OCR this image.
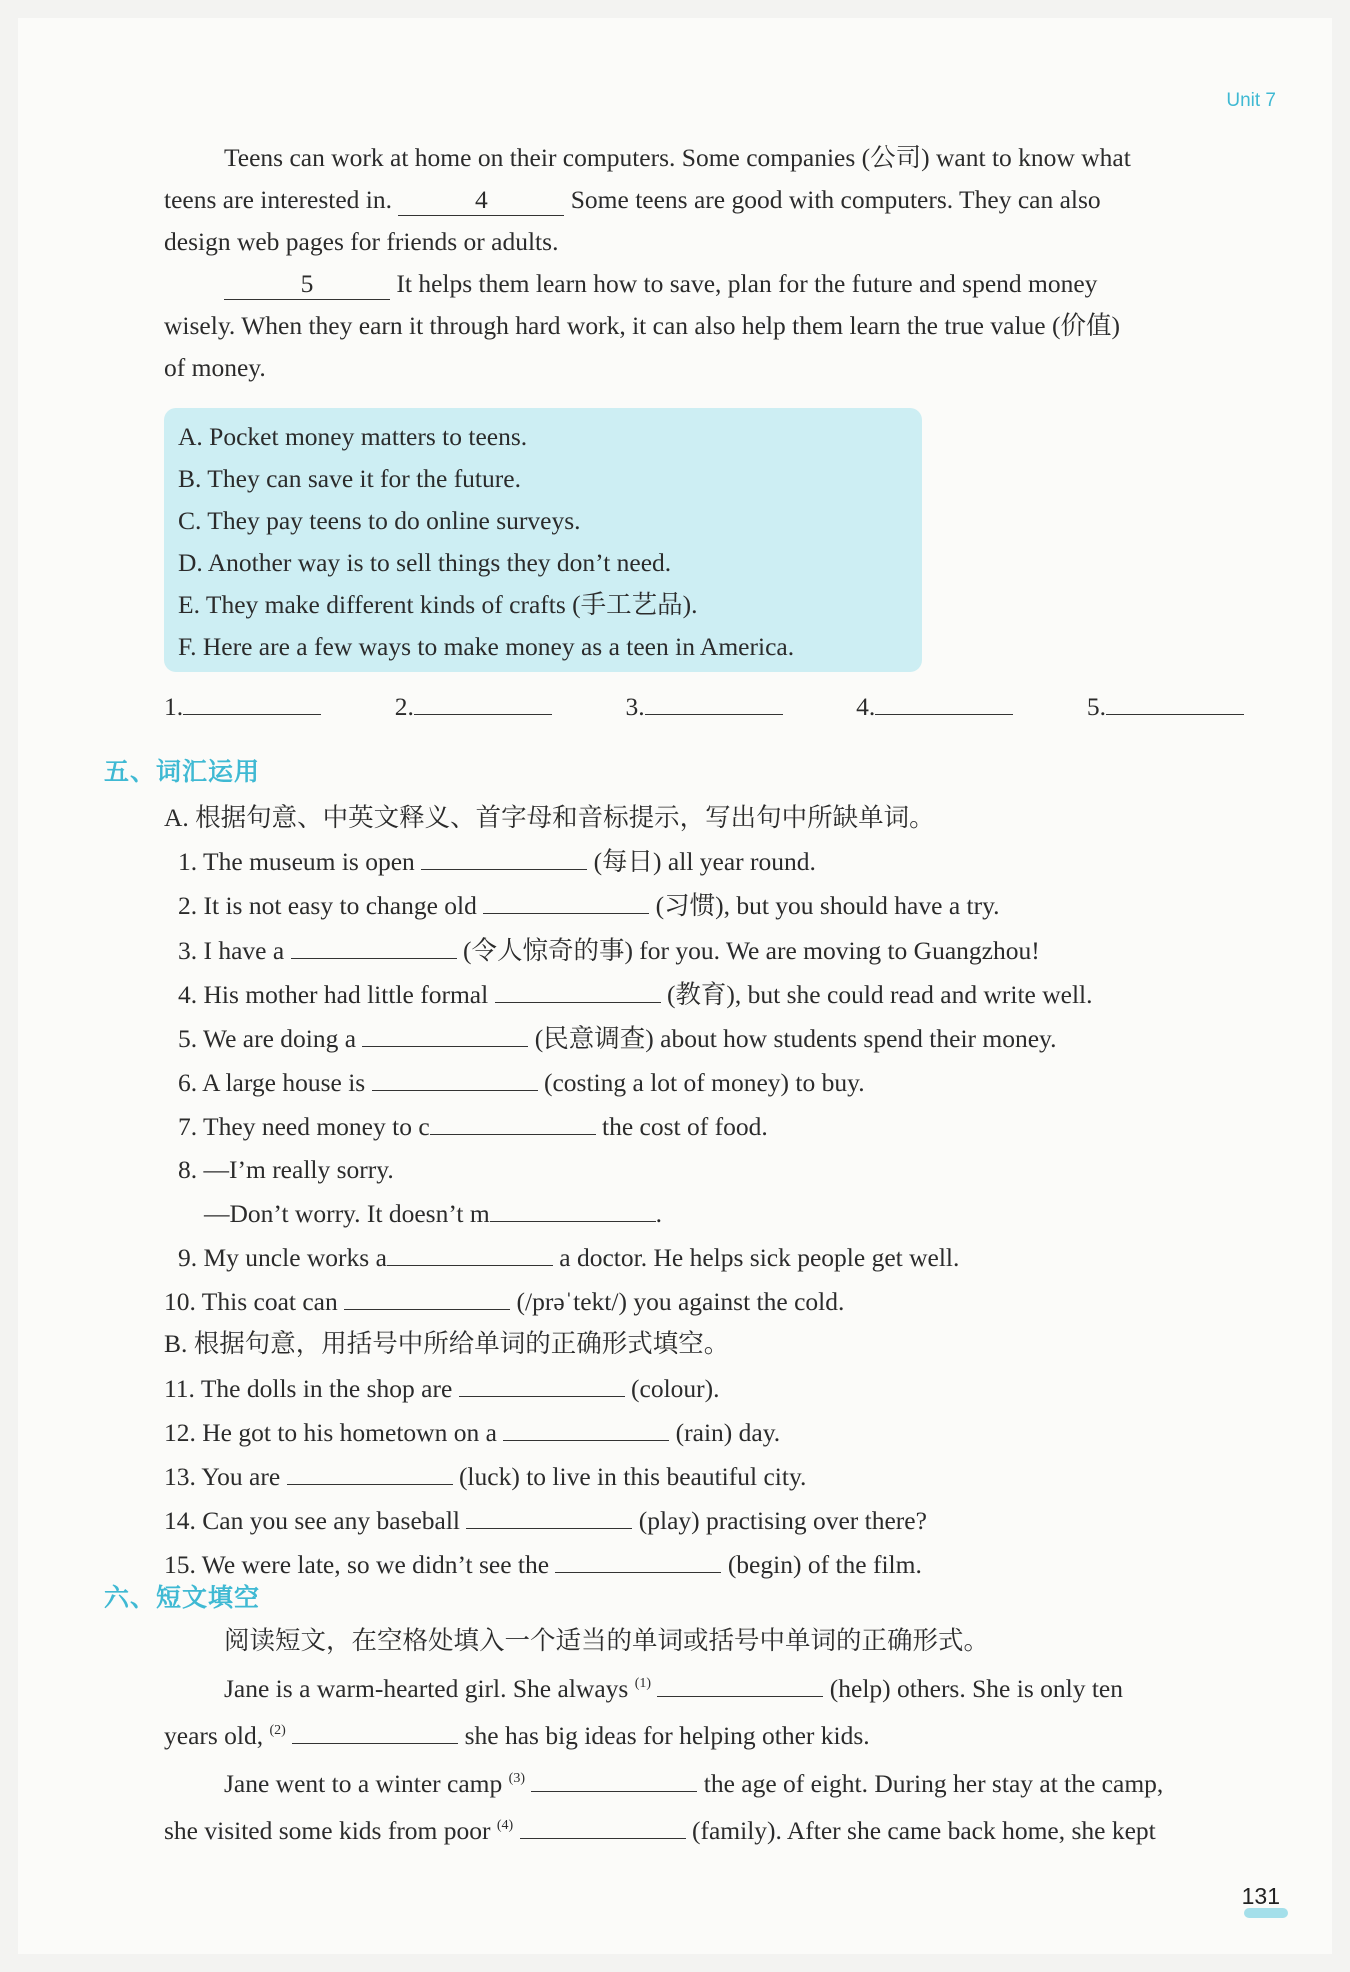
Unit 7

Teens can work at home on their computers. Some companies (公司) want to know what

teens are interested in.	4	Some teens are good with computers. They can also

design web pages for friends or adults.

5	It helps them learn how to save, plan for the future and spend money

wisely. When they earn it through hard work, it can also help them learn the true value (价值)

of money.

A. Pocket money matters to teens.

B. They can save it for the future.

C. They pay teens to do online surveys.

D. Another way is to sell things they don’t need.

E. They make different kinds of crafts (手工艺品).

F. Here are a few ways to make money as a teen in America.

1.	2.	3.	4.	5.
五、词汇运用

A. 根据句意、中英文释义、首字母和音标提示，写出句中所缺单词。

1. The museum is open	(每日) all year round.

2. It is not easy to change old	(习惯), but you should have a try.

3. I have a	(令人惊奇的事) for you. We are moving to Guangzhou!

4. His mother had little formal	(教育), but she could read and write well.

5. We are doing a	(民意调查) about how students spend their money.

6. A large house is	(costing a lot of money) to buy.

7. They need money to c	the cost of food.

8. —I’m really sorry.

—Don’t worry. It doesn’t m	.

9. My uncle works a	a doctor. He helps sick people get well.

10. This coat can	(/prəˈtekt/) you against the cold.

B. 根据句意，用括号中所给单词的正确形式填空。

11. The dolls in the shop are	(colour).

12. He got to his hometown on a	(rain) day.

13. You are	(luck) to live in this beautiful city.

14. Can you see any baseball	(play) practising over there?

15. We were late, so we didn’t see the	(begin) of the film.

六、短文填空

阅读短文，在空格处填入一个适当的单词或括号中单词的正确形式。

Jane is a warm-hearted girl. She always $^{(1)}$	(help) others. She is only ten

years old, $^{(2)}$	she has big ideas for helping other kids.

Jane went to a winter camp $^{(3)}$	the age of eight. During her stay at the camp,

she visited some kids from poor $^{(4)}$	(family). After she came back home, she kept

131
